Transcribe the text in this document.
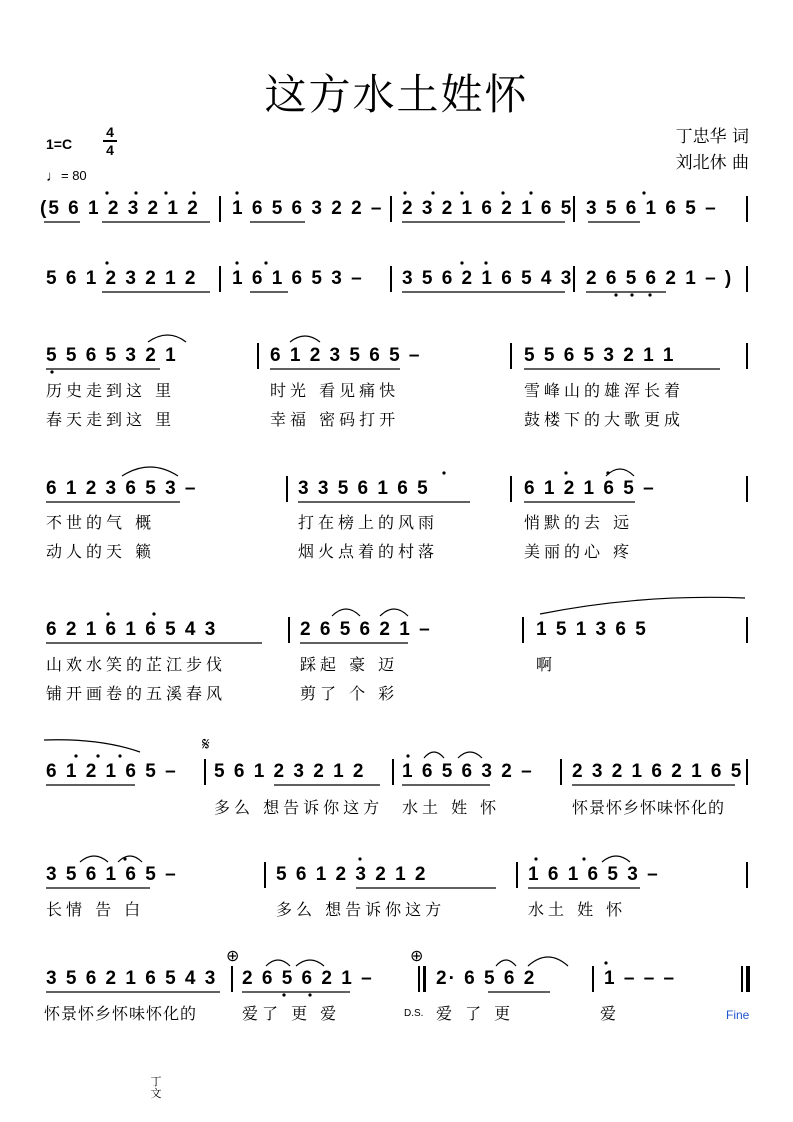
这方水土姓怀
1=C
4
4
♩= 80
丁忠华 词
刘北休 曲
(5 6 1 2 3 2 1 2 1 6 5 6 3 2 2 – 2 3 2 1 6 2 1 6 5 3 5 6 1 6 5 –
5 6 1 2 3 2 1 2 1 6 1 6 5 3 – 3 5 6 2 1 6 5 4 3 2 6 5 6 2 1 – )
5 5 6 5 3 2 1	6 1 2 3 5 6 5 –	5 5 6 5 3 2 1 1
历史走到这 里	时光 看见痛快	雪峰山的雄浑长着
春天走到这 里	幸福 密码打开	鼓楼下的大歌更成
6 1 2 3 6 5 3 –	3 3 5 6 1 6 5	6 1 2 1 6 5 –
不世的气 概	打在榜上的风雨	悄默的去 远
动人的天 籁	烟火点着的村落	美丽的心 疼
6 2 1 6 1 6 5 4 3	2 6 5 6 2 1 –	1 5 1 3 6 5
山欢水笑的芷江步伐	踩起 豪 迈	啊
铺开画卷的五溪春风	剪了 个 彩
𝄋
6 1 2 1 6 5 – 5 6 1 2 3 2 1 2 1 6 5 6 3 2 – 2 3 2 1 6 2 1 6 5
多么 想告诉你这方 水土 姓 怀	怀景怀乡怀味怀化的
3 5 6 1 6 5 –	5 6 1 2 3 2 1 2	1 6 1 6 5 3 –
长情 告 白	多么 想告诉你这方	水土 姓 怀
⊕	⊕
3 5 6 2 1 6 5 4 3 2 6 5 6 2 1 –	2· 6 5 6 2	1 – – –
怀景怀乡怀味怀化的	爱了 更 爱	D.S. 爱 了 更	爱	Fine
丁
文
